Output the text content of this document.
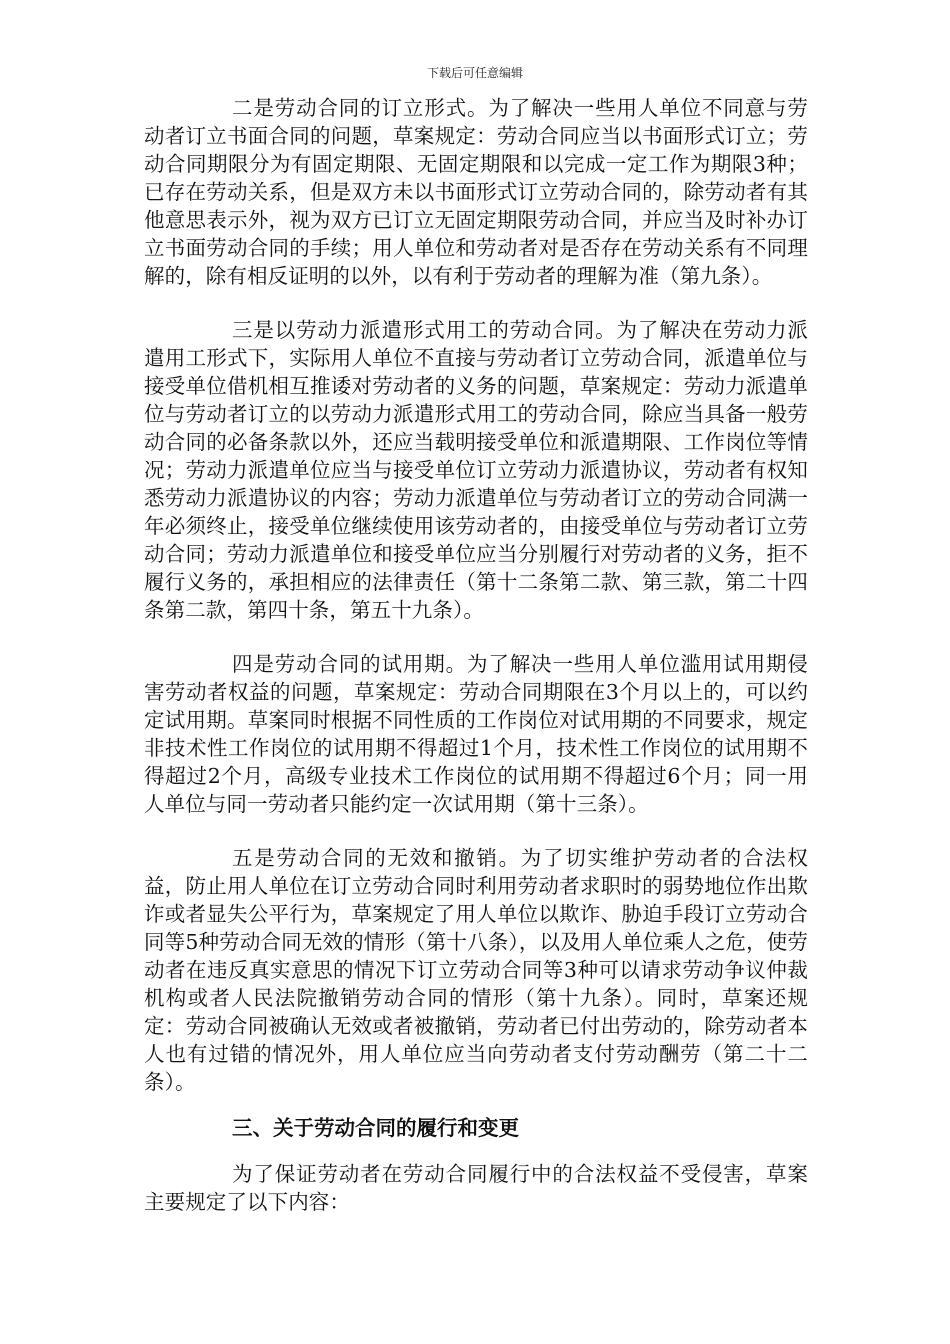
下载后可任意编辑

二是劳动合同的订立形式。为了解决一些用人单位不同意与劳动者订立书面合同的问题，草案规定：劳动合同应当以书面形式订立；劳动合同期限分为有固定期限、无固定期限和以完成一定工作为期限3种；已存在劳动关系，但是双方未以书面形式订立劳动合同的，除劳动者有其他意思表示外，视为双方已订立无固定期限劳动合同，并应当及时补办订立书面劳动合同的手续；用人单位和劳动者对是否存在劳动关系有不同理解的，除有相反证明的以外，以有利于劳动者的理解为准（第九条）。

三是以劳动力派遣形式用工的劳动合同。为了解决在劳动力派遣用工形式下，实际用人单位不直接与劳动者订立劳动合同，派遣单位与接受单位借机相互推诿对劳动者的义务的问题，草案规定：劳动力派遣单位与劳动者订立的以劳动力派遣形式用工的劳动合同，除应当具备一般劳动合同的必备条款以外，还应当载明接受单位和派遣期限、工作岗位等情况；劳动力派遣单位应当与接受单位订立劳动力派遣协议，劳动者有权知悉劳动力派遣协议的内容；劳动力派遣单位与劳动者订立的劳动合同满一年必须终止，接受单位继续使用该劳动者的，由接受单位与劳动者订立劳动合同；劳动力派遣单位和接受单位应当分别履行对劳动者的义务，拒不履行义务的，承担相应的法律责任（第十二条第二款、第三款，第二十四条第二款，第四十条，第五十九条）。

四是劳动合同的试用期。为了解决一些用人单位滥用试用期侵害劳动者权益的问题，草案规定：劳动合同期限在3个月以上的，可以约定试用期。草案同时根据不同性质的工作岗位对试用期的不同要求，规定非技术性工作岗位的试用期不得超过1个月，技术性工作岗位的试用期不得超过2个月，高级专业技术工作岗位的试用期不得超过6个月；同一用人单位与同一劳动者只能约定一次试用期（第十三条）。

五是劳动合同的无效和撤销。为了切实维护劳动者的合法权益，防止用人单位在订立劳动合同时利用劳动者求职时的弱势地位作出欺诈或者显失公平行为，草案规定了用人单位以欺诈、胁迫手段订立劳动合同等5种劳动合同无效的情形（第十八条），以及用人单位乘人之危，使劳动者在违反真实意思的情况下订立劳动合同等3种可以请求劳动争议仲裁机构或者人民法院撤销劳动合同的情形（第十九条）。同时，草案还规定：劳动合同被确认无效或者被撤销，劳动者已付出劳动的，除劳动者本人也有过错的情况外，用人单位应当向劳动者支付劳动酬劳（第二十二条）。

三、关于劳动合同的履行和变更

为了保证劳动者在劳动合同履行中的合法权益不受侵害，草案主要规定了以下内容：
